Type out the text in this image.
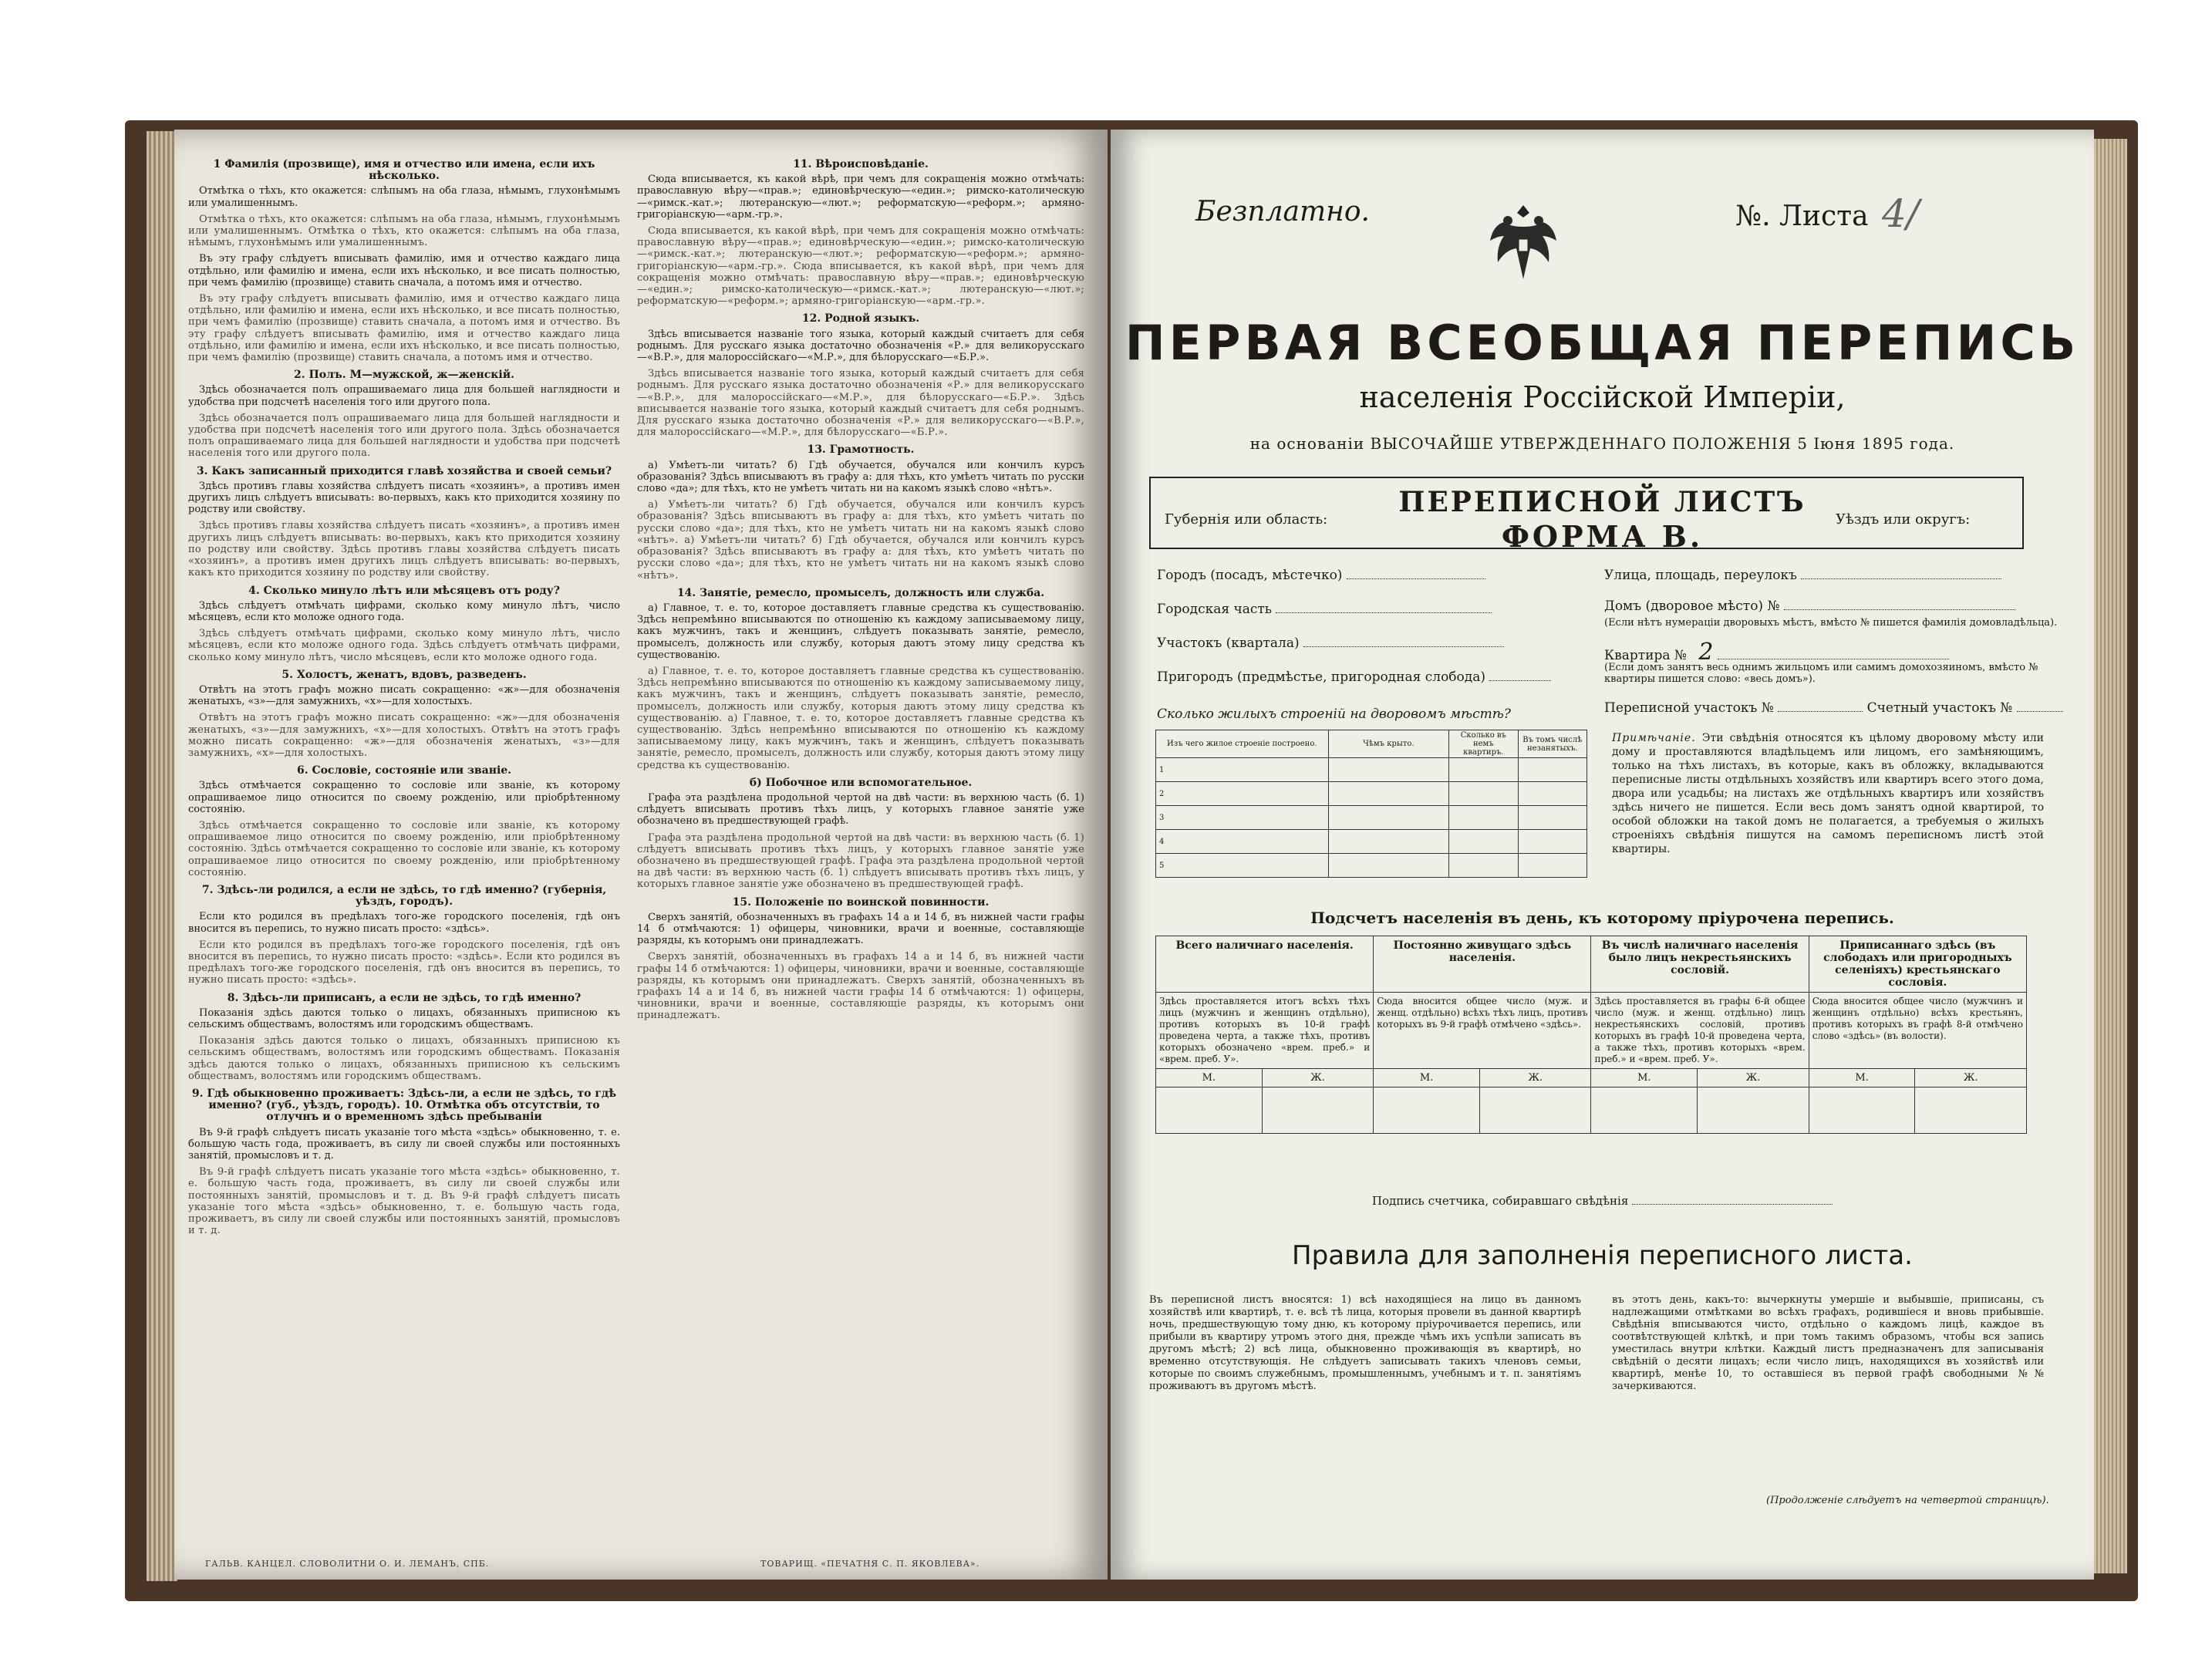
1 Фамилія (прозвище), имя и отчество или имена, если ихъ нѣсколько.

Отмѣтка о тѣхъ, кто окажется: слѣпымъ на оба глаза, нѣмымъ, глухонѣмымъ или умалишеннымъ.

Отмѣтка о тѣхъ, кто окажется: слѣпымъ на оба глаза, нѣмымъ, глухонѣмымъ или умалишеннымъ. Отмѣтка о тѣхъ, кто окажется: слѣпымъ на оба глаза, нѣмымъ, глухонѣмымъ или умалишеннымъ.

Въ эту графу слѣдуетъ вписывать фамилію, имя и отчество каждаго лица отдѣльно, или фамилію и имена, если ихъ нѣсколько, и все писать полностью, при чемъ фамилію (прозвище) ставить сначала, а потомъ имя и отчество.

Въ эту графу слѣдуетъ вписывать фамилію, имя и отчество каждаго лица отдѣльно, или фамилію и имена, если ихъ нѣсколько, и все писать полностью, при чемъ фамилію (прозвище) ставить сначала, а потомъ имя и отчество. Въ эту графу слѣдуетъ вписывать фамилію, имя и отчество каждаго лица отдѣльно, или фамилію и имена, если ихъ нѣсколько, и все писать полностью, при чемъ фамилію (прозвище) ставить сначала, а потомъ имя и отчество.

2. Полъ. М—мужской, ж—женскій.

Здѣсь обозначается полъ опрашиваемаго лица для большей наглядности и удобства при подсчетѣ населенія того или другого пола.

Здѣсь обозначается полъ опрашиваемаго лица для большей наглядности и удобства при подсчетѣ населенія того или другого пола. Здѣсь обозначается полъ опрашиваемаго лица для большей наглядности и удобства при подсчетѣ населенія того или другого пола.

3. Какъ записанный приходится главѣ хозяйства и своей семьи?

Здѣсь противъ главы хозяйства слѣдуетъ писать «хозяинъ», а противъ имен другихъ лицъ слѣдуетъ вписывать: во-первыхъ, какъ кто приходится хозяину по родству или свойству.

Здѣсь противъ главы хозяйства слѣдуетъ писать «хозяинъ», а противъ имен другихъ лицъ слѣдуетъ вписывать: во-первыхъ, какъ кто приходится хозяину по родству или свойству. Здѣсь противъ главы хозяйства слѣдуетъ писать «хозяинъ», а противъ имен другихъ лицъ слѣдуетъ вписывать: во-первыхъ, какъ кто приходится хозяину по родству или свойству.

4. Сколько минуло лѣтъ или мѣсяцевъ отъ роду?

Здѣсь слѣдуетъ отмѣчать цифрами, сколько кому минуло лѣтъ, число мѣсяцевъ, если кто моложе одного года.

Здѣсь слѣдуетъ отмѣчать цифрами, сколько кому минуло лѣтъ, число мѣсяцевъ, если кто моложе одного года. Здѣсь слѣдуетъ отмѣчать цифрами, сколько кому минуло лѣтъ, число мѣсяцевъ, если кто моложе одного года.

5. Холостъ, женатъ, вдовъ, разведенъ.

Отвѣтъ на этотъ графъ можно писать сокращенно: «ж»—для обозначенія женатыхъ, «з»—для замужнихъ, «х»—для холостыхъ.

Отвѣтъ на этотъ графъ можно писать сокращенно: «ж»—для обозначенія женатыхъ, «з»—для замужнихъ, «х»—для холостыхъ. Отвѣтъ на этотъ графъ можно писать сокращенно: «ж»—для обозначенія женатыхъ, «з»—для замужнихъ, «х»—для холостыхъ.

6. Сословіе, состояніе или званіе.

Здѣсь отмѣчается сокращенно то сословіе или званіе, къ которому опрашиваемое лицо относится по своему рожденію, или пріобрѣтенному состоянію.

Здѣсь отмѣчается сокращенно то сословіе или званіе, къ которому опрашиваемое лицо относится по своему рожденію, или пріобрѣтенному состоянію. Здѣсь отмѣчается сокращенно то сословіе или званіе, къ которому опрашиваемое лицо относится по своему рожденію, или пріобрѣтенному состоянію.

7. Здѣсь-ли родился, а если не здѣсь, то гдѣ именно? (губернія, уѣздъ, городъ).

Если кто родился въ предѣлахъ того-же городского поселенія, гдѣ онъ вносится въ перепись, то нужно писать просто: «здѣсь».

Если кто родился въ предѣлахъ того-же городского поселенія, гдѣ онъ вносится въ перепись, то нужно писать просто: «здѣсь». Если кто родился въ предѣлахъ того-же городского поселенія, гдѣ онъ вносится въ перепись, то нужно писать просто: «здѣсь».

8. Здѣсь-ли приписанъ, а если не здѣсь, то гдѣ именно?

Показанія здѣсь даются только о лицахъ, обязанныхъ приписною къ сельскимъ обществамъ, волостямъ или городскимъ обществамъ.

Показанія здѣсь даются только о лицахъ, обязанныхъ приписною къ сельскимъ обществамъ, волостямъ или городскимъ обществамъ. Показанія здѣсь даются только о лицахъ, обязанныхъ приписною къ сельскимъ обществамъ, волостямъ или городскимъ обществамъ.

9. Гдѣ обыкновенно проживаетъ: Здѣсь-ли, а если не здѣсь, то гдѣ именно? (губ., уѣздъ, городъ). 10. Отмѣтка объ отсутствіи, то отлучнъ и о временномъ здѣсь пребываніи

Въ 9-й графѣ слѣдуетъ писать указаніе того мѣста «здѣсь» обыкновенно, т. е. большую часть года, проживаетъ, въ силу ли своей службы или постоянныхъ занятій, промысловъ и т. д.

Въ 9-й графѣ слѣдуетъ писать указаніе того мѣста «здѣсь» обыкновенно, т. е. большую часть года, проживаетъ, въ силу ли своей службы или постоянныхъ занятій, промысловъ и т. д. Въ 9-й графѣ слѣдуетъ писать указаніе того мѣста «здѣсь» обыкновенно, т. е. большую часть года, проживаетъ, въ силу ли своей службы или постоянныхъ занятій, промысловъ и т. д.

11. Вѣроисповѣданіе.

Сюда вписывается, къ какой вѣрѣ, при чемъ для сокращенія можно отмѣчать: православную вѣру—«прав.»; единовѣрческую—«един.»; римско-католическую—«римск.-кат.»; лютеранскую—«лют.»; реформатскую—«реформ.»; армяно-григоріанскую—«арм.-гр.».

Сюда вписывается, къ какой вѣрѣ, при чемъ для сокращенія можно отмѣчать: православную вѣру—«прав.»; единовѣрческую—«един.»; римско-католическую—«римск.-кат.»; лютеранскую—«лют.»; реформатскую—«реформ.»; армяно-григоріанскую—«арм.-гр.». Сюда вписывается, къ какой вѣрѣ, при чемъ для сокращенія можно отмѣчать: православную вѣру—«прав.»; единовѣрческую—«един.»; римско-католическую—«римск.-кат.»; лютеранскую—«лют.»; реформатскую—«реформ.»; армяно-григоріанскую—«арм.-гр.».

12. Родной языкъ.

Здѣсь вписывается названіе того языка, который каждый считаетъ для себя роднымъ. Для русскаго языка достаточно обозначенія «Р.» для великорусскаго—«В.Р.», для малороссійскаго—«М.Р.», для бѣлорусскаго—«Б.Р.».

Здѣсь вписывается названіе того языка, который каждый считаетъ для себя роднымъ. Для русскаго языка достаточно обозначенія «Р.» для великорусскаго—«В.Р.», для малороссійскаго—«М.Р.», для бѣлорусскаго—«Б.Р.». Здѣсь вписывается названіе того языка, который каждый считаетъ для себя роднымъ. Для русскаго языка достаточно обозначенія «Р.» для великорусскаго—«В.Р.», для малороссійскаго—«М.Р.», для бѣлорусскаго—«Б.Р.».

13. Грамотность.

а) Умѣетъ-ли читать? б) Гдѣ обучается, обучался или кончилъ курсъ образованія? Здѣсь вписываютъ въ графу а: для тѣхъ, кто умѣетъ читать по русски слово «да»; для тѣхъ, кто не умѣетъ читать ни на какомъ языкѣ слово «нѣтъ».

а) Умѣетъ-ли читать? б) Гдѣ обучается, обучался или кончилъ курсъ образованія? Здѣсь вписываютъ въ графу а: для тѣхъ, кто умѣетъ читать по русски слово «да»; для тѣхъ, кто не умѣетъ читать ни на какомъ языкѣ слово «нѣтъ». а) Умѣетъ-ли читать? б) Гдѣ обучается, обучался или кончилъ курсъ образованія? Здѣсь вписываютъ въ графу а: для тѣхъ, кто умѣетъ читать по русски слово «да»; для тѣхъ, кто не умѣетъ читать ни на какомъ языкѣ слово «нѣтъ».

14. Занятіе, ремесло, промыселъ, должность или служба.

а) Главное, т. е. то, которое доставляетъ главные средства къ существованію. Здѣсь непремѣнно вписываются по отношенію къ каждому записываемому лицу, какъ мужчинъ, такъ и женщинъ, слѣдуетъ показывать занятіе, ремесло, промыселъ, должность или службу, которыя даютъ этому лицу средства къ существованію.

а) Главное, т. е. то, которое доставляетъ главные средства къ существованію. Здѣсь непремѣнно вписываются по отношенію къ каждому записываемому лицу, какъ мужчинъ, такъ и женщинъ, слѣдуетъ показывать занятіе, ремесло, промыселъ, должность или службу, которыя даютъ этому лицу средства къ существованію. а) Главное, т. е. то, которое доставляетъ главные средства къ существованію. Здѣсь непремѣнно вписываются по отношенію къ каждому записываемому лицу, какъ мужчинъ, такъ и женщинъ, слѣдуетъ показывать занятіе, ремесло, промыселъ, должность или службу, которыя даютъ этому лицу средства къ существованію.

б) Побочное или вспомогательное.

Графа эта раздѣлена продольной чертой на двѣ части: въ верхнюю часть (б. 1) слѣдуетъ вписывать противъ тѣхъ лицъ, у которыхъ главное занятіе уже обозначено въ предшествующей графѣ.

Графа эта раздѣлена продольной чертой на двѣ части: въ верхнюю часть (б. 1) слѣдуетъ вписывать противъ тѣхъ лицъ, у которыхъ главное занятіе уже обозначено въ предшествующей графѣ. Графа эта раздѣлена продольной чертой на двѣ части: въ верхнюю часть (б. 1) слѣдуетъ вписывать противъ тѣхъ лицъ, у которыхъ главное занятіе уже обозначено въ предшествующей графѣ.

15. Положеніе по воинской повинности.

Сверхъ занятій, обозначенныхъ въ графахъ 14 а и 14 б, въ нижней части графы 14 б отмѣчаются: 1) офицеры, чиновники, врачи и военные, составляющіе разряды, къ которымъ они принадлежатъ.

Сверхъ занятій, обозначенныхъ въ графахъ 14 а и 14 б, въ нижней части графы 14 б отмѣчаются: 1) офицеры, чиновники, врачи и военные, составляющіе разряды, къ которымъ они принадлежатъ. Сверхъ занятій, обозначенныхъ въ графахъ 14 а и 14 б, въ нижней части графы 14 б отмѣчаются: 1) офицеры, чиновники, врачи и военные, составляющіе разряды, къ которымъ они принадлежатъ.

ГАЛЬВ. КАНЦЕЛ. СЛОВОЛИТНИ О. И. ЛЕМАНЪ, СПБ.	ТОВАРИЩ. «ПЕЧАТНЯ С. П. ЯКОВЛЕВА».
Безплатно.	№. Листа 4/
ПЕРВАЯ ВСЕОБЩАЯ ПЕРЕПИСЬ
населенія Россійской Имперіи,
на основаніи ВЫСОЧАЙШЕ УТВЕРЖДЕННАГО ПОЛОЖЕНІЯ 5 Іюня 1895 года.
Губернія или область:
ПЕРЕПИСНОЙ ЛИСТЪ
ФОРМА В.	Уѣздъ или округъ:
Городъ (посадъ, мѣстечко)
Городская часть
Участокъ (квартала)
Пригородъ (предмѣстье, пригородная слобода)
Улица, площадь, переулокъ
Домъ (дворовое мѣсто) №
(Если нѣтъ нумераціи дворовыхъ мѣстъ, вмѣсто № пишется фамилія домовладѣльца).
Квартира № 2
(Если домъ занятъ весь однимъ жильцомъ или самимъ домохозяиномъ, вмѣсто № квартиры пишется слово: «весь домъ»).
Переписной участокъ №	Счетный участокъ №
Сколько жилыхъ строеній на дворовомъ мѣстѣ?
Изъ чего жилое строеніе построено.	Чѣмъ крыто.	Сколько въ немъ квартиръ.	Въ томъ числѣ незанятыхъ.
1			
2			
3			
4			
5			
Примѣчаніе. Эти свѣдѣнія относятся къ цѣлому дворовому мѣсту или дому и проставляются владѣльцемъ или лицомъ, его замѣняющимъ, только на тѣхъ листахъ, въ которые, какъ въ обложку, вкладываются переписные листы отдѣльныхъ хозяйствъ или квартиръ всего этого дома, двора или усадьбы; на листахъ же отдѣльныхъ квартиръ или хозяйствъ здѣсь ничего не пишется. Если весь домъ занятъ одной квартирой, то особой обложки на такой домъ не полагается, а требуемыя о жилыхъ строеніяхъ свѣдѣнія пишутся на самомъ переписномъ листѣ этой квартиры.
Подсчетъ населенія въ день, къ которому пріурочена перепись.
Всего наличнаго населенія.		Постоянно живущаго здѣсь населенія.		Въ числѣ наличнаго населенія было лицъ некрестьянскихъ сословій.		Приписаннаго здѣсь (въ слободахъ или пригородныхъ селеніяхъ) крестьянскаго сословія.	
Здѣсь проставляется итогъ всѣхъ тѣхъ лицъ (мужчинъ и женщинъ отдѣльно), противъ которыхъ въ 10-й графѣ проведена черта, а также тѣхъ, противъ которыхъ обозначено «врем. преб.» и «врем. преб. У».		Сюда вносится общее число (муж. и женщ. отдѣльно) всѣхъ тѣхъ лицъ, противъ которыхъ въ 9-й графѣ отмѣчено «здѣсь».		Здѣсь проставляется въ графы 6-й общее число (муж. и женщ. отдѣльно) лицъ некрестьянскихъ сословій, противъ которыхъ въ графѣ 10-й проведена черта, а также тѣхъ, противъ которыхъ «врем. преб.» и «врем. преб. У».		Сюда вносится общее число (мужчинъ и женщинъ отдѣльно) всѣхъ крестьянъ, противъ которыхъ въ графѣ 8-й отмѣчено слово «здѣсь» (въ волости).	
М.	Ж.	М.	Ж.	М.	Ж.	М.	Ж.

Подпись счетчика, собиравшаго свѣдѣнія
Правила для заполненія переписного листа.
Въ переписной листъ вносятся: 1) всѣ находящіеся на лицо въ данномъ хозяйствѣ или квартирѣ, т. е. всѣ тѣ лица, которыя провели въ данной квартирѣ ночь, предшествующую тому дню, къ которому пріурочивается перепись, или прибыли въ квартиру утромъ этого дня, прежде чѣмъ ихъ успѣли записать въ другомъ мѣстѣ; 2) всѣ лица, обыкновенно проживающія въ квартирѣ, но временно отсутствующія. Не слѣдуетъ записывать такихъ членовъ семьи, которые по своимъ служебнымъ, промышленнымъ, учебнымъ и т. п. занятіямъ проживаютъ въ другомъ мѣстѣ.
въ этотъ день, какъ-то: вычеркнуты умершіе и выбывшіе, приписаны, съ надлежащими отмѣтками во всѣхъ графахъ, родившіеся и вновь прибывшіе. Свѣдѣнія вписываются чисто, отдѣльно о каждомъ лицѣ, каждое въ соотвѣтствующей клѣткѣ, и при томъ такимъ образомъ, чтобы вся запись уместилась внутри клѣтки. Каждый листъ предназначенъ для записыванія свѣдѣній о десяти лицахъ; если число лицъ, находящихся въ хозяйствѣ или квартирѣ, менѣе 10, то оставшіеся въ первой графѣ свободными №№ зачеркиваются.
(Продолженіе слѣдуетъ на четвертой страницѣ).
